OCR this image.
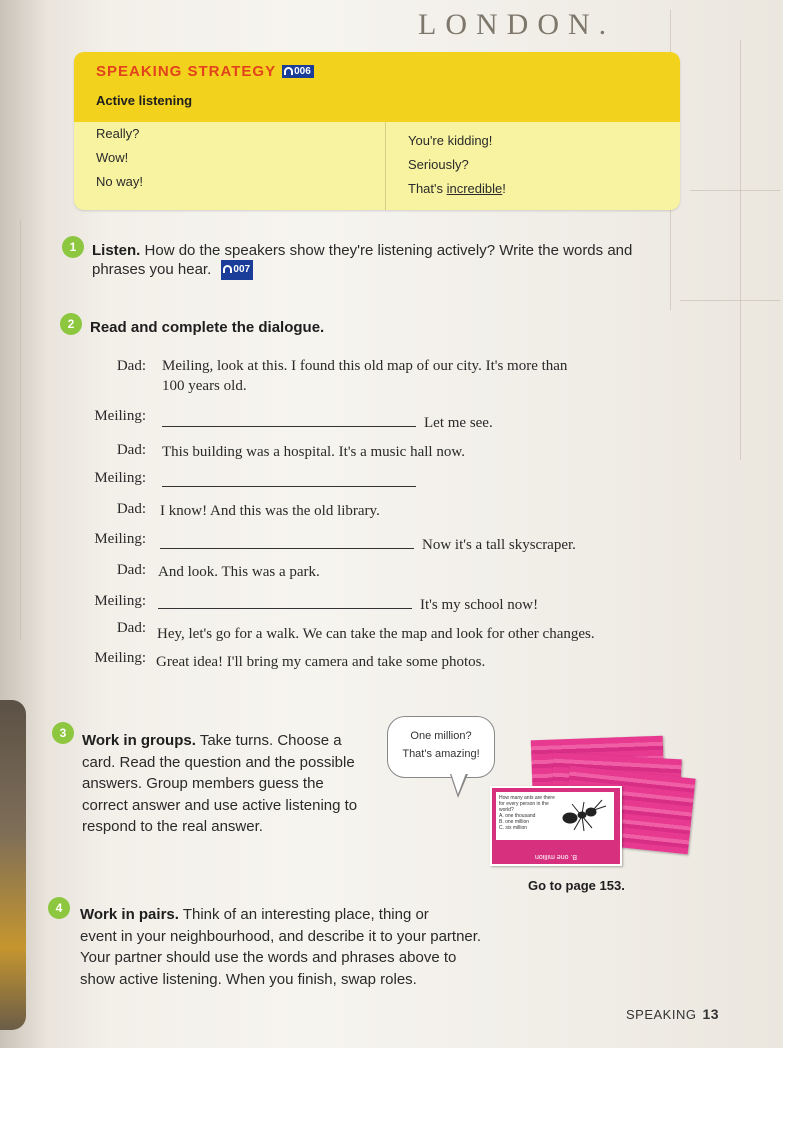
LONDON.
SPEAKING STRATEGY 006
Active listening
Really?
Wow!
No way!
You're kidding!
Seriously?
That's incredible!
1	Listen. How do the speakers show they're listening actively? Write the words and
phrases you hear. 007
2	Read and complete the dialogue.
Dad: Meiling, look at this. I found this old map of our city. It's more than
100 years old.
Meiling:	Let me see.
Dad: This building was a hospital. It's a music hall now.
Meiling:
Dad: I know! And this was the old library.
Meiling:	Now it's a tall skyscraper.
Dad: And look. This was a park.
Meiling:	It's my school now!
Dad: Hey, let's go for a walk. We can take the map and look for other changes.
Meiling: Great idea! I'll bring my camera and take some photos.
3	Work in groups. Take turns. Choose a
card. Read the question and the possible
answers. Group members guess the
correct answer and use active listening to
respond to the real answer.
One million?
That's amazing!
How many ants are there for every person in the world?
A. one thousand
B. one million
C. six million
B. one million
Go to page 153.
4	Work in pairs. Think of an interesting place, thing or
event in your neighbourhood, and describe it to your partner.
Your partner should use the words and phrases above to
show active listening. When you finish, swap roles.
SPEAKING 13
